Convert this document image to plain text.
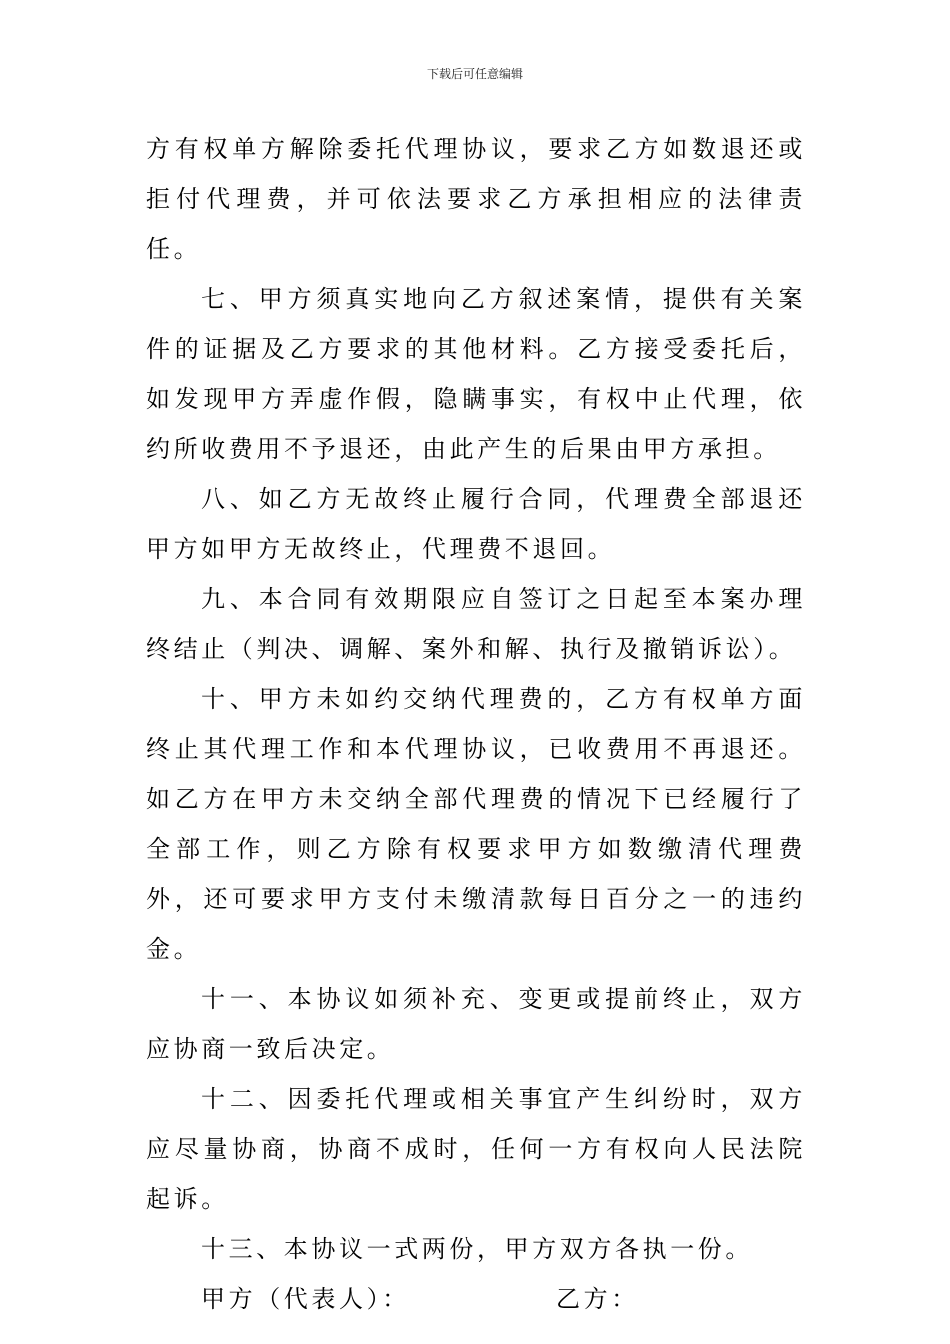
下载后可任意编辑

方有权单方解除委托代理协议，要求乙方如数退还或拒付代理费，并可依法要求乙方承担相应的法律责任。

七、甲方须真实地向乙方叙述案情，提供有关案件的证据及乙方要求的其他材料。乙方接受委托后，如发现甲方弄虚作假，隐瞒事实，有权中止代理，依约所收费用不予退还，由此产生的后果由甲方承担。

八、如乙方无故终止履行合同，代理费全部退还甲方如甲方无故终止，代理费不退回。

九、本合同有效期限应自签订之日起至本案办理终结止（判决、调解、案外和解、执行及撤销诉讼）。

十、甲方未如约交纳代理费的，乙方有权单方面终止其代理工作和本代理协议，已收费用不再退还。如乙方在甲方未交纳全部代理费的情况下已经履行了全部工作，则乙方除有权要求甲方如数缴清代理费外，还可要求甲方支付未缴清款每日百分之一的违约金。

十一、本协议如须补充、变更或提前终止，双方应协商一致后决定。

十二、因委托代理或相关事宜产生纠纷时，双方应尽量协商，协商不成时，任何一方有权向人民法院起诉。

十三、本协议一式两份，甲方双方各执一份。

甲方（代表人）：	乙方：
